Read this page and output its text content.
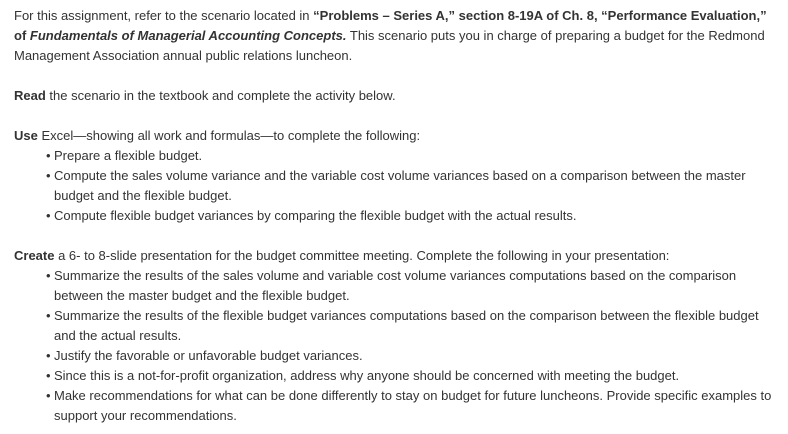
For this assignment, refer to the scenario located in “Problems – Series A,” section 8-19A of Ch. 8, “Performance Evaluation,” of Fundamentals of Managerial Accounting Concepts. This scenario puts you in charge of preparing a budget for the Redmond Management Association annual public relations luncheon.

Read the scenario in the textbook and complete the activity below.

Use Excel—showing all work and formulas—to complete the following:

• Prepare a flexible budget.
• Compute the sales volume variance and the variable cost volume variances based on a comparison between the master budget and the flexible budget.
• Compute flexible budget variances by comparing the flexible budget with the actual results.

Create a 6- to 8-slide presentation for the budget committee meeting. Complete the following in your presentation:

• Summarize the results of the sales volume and variable cost volume variances computations based on the comparison between the master budget and the flexible budget.
• Summarize the results of the flexible budget variances computations based on the comparison between the flexible budget and the actual results.
• Justify the favorable or unfavorable budget variances.
• Since this is a not-for-profit organization, address why anyone should be concerned with meeting the budget.
• Make recommendations for what can be done differently to stay on budget for future luncheons. Provide specific examples to support your recommendations.
